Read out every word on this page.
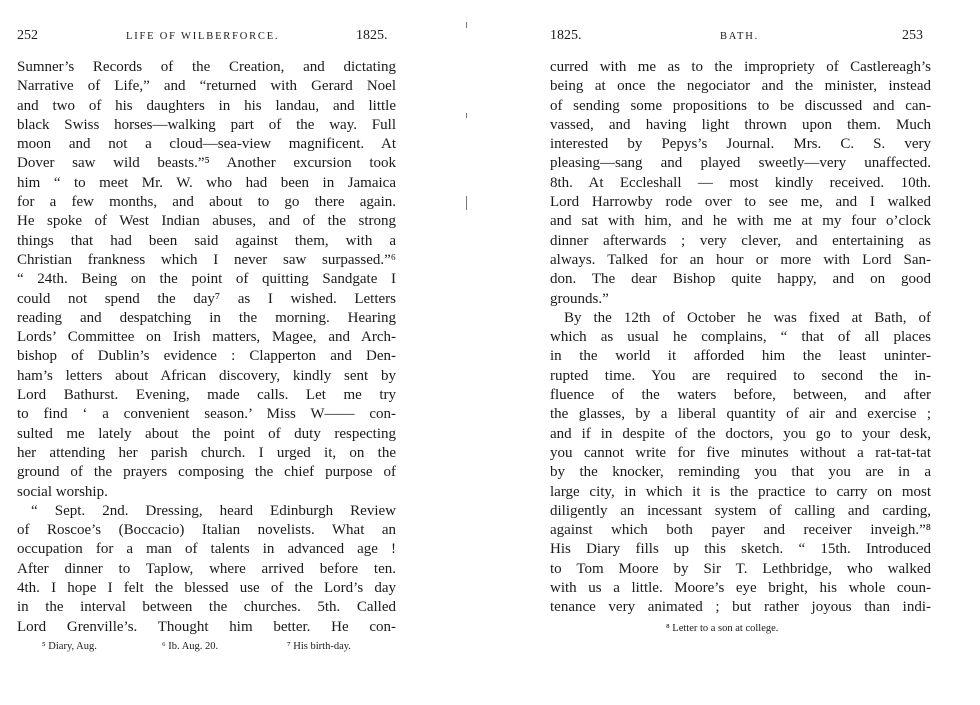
252	LIFE OF WILBERFORCE.	1825.
Sumner’s Records of the Creation, and dictating
Narrative of Life,” and “returned with Gerard Noel
and two of his daughters in his landau, and little
black Swiss horses—walking part of the way. Full
moon and not a cloud—sea-view magnificent. At
Dover saw wild beasts.”⁵ Another excursion took
him “ to meet Mr. W. who had been in Jamaica
for a few months, and about to go there again.
He spoke of West Indian abuses, and of the strong
things that had been said against them, with a
Christian frankness which I never saw surpassed.”⁶
“ 24th. Being on the point of quitting Sandgate I
could not spend the day⁷ as I wished. Letters
reading and despatching in the morning. Hearing
Lords’ Committee on Irish matters, Magee, and Arch-
bishop of Dublin’s evidence : Clapperton and Den-
ham’s letters about African discovery, kindly sent by
Lord Bathurst. Evening, made calls. Let me try
to find ‘ a convenient season.’ Miss W—— con-
sulted me lately about the point of duty respecting
her attending her parish church. I urged it, on the
ground of the prayers composing the chief purpose of
social worship.
“ Sept. 2nd. Dressing, heard Edinburgh Review
of Roscoe’s (Boccacio) Italian novelists. What an
occupation for a man of talents in advanced age !
After dinner to Taplow, where arrived before ten.
4th. I hope I felt the blessed use of the Lord’s day
in the interval between the churches. 5th. Called
Lord Grenville’s. Thought him better. He con-
⁵ Diary, Aug.	⁶ Ib. Aug. 20.	⁷ His birth-day.
1825.	BATH.	253
curred with me as to the impropriety of Castlereagh’s
being at once the negociator and the minister, instead
of sending some propositions to be discussed and can-
vassed, and having light thrown upon them. Much
interested by Pepys’s Journal. Mrs. C. S. very
pleasing—sang and played sweetly—very unaffected.
8th. At Eccleshall — most kindly received. 10th.
Lord Harrowby rode over to see me, and I walked
and sat with him, and he with me at my four o’clock
dinner afterwards ; very clever, and entertaining as
always. Talked for an hour or more with Lord San-
don. The dear Bishop quite happy, and on good
grounds.”
By the 12th of October he was fixed at Bath, of
which as usual he complains, “ that of all places
in the world it afforded him the least uninter-
rupted time. You are required to second the in-
fluence of the waters before, between, and after
the glasses, by a liberal quantity of air and exercise ;
and if in despite of the doctors, you go to your desk,
you cannot write for five minutes without a rat-tat-tat
by the knocker, reminding you that you are in a
large city, in which it is the practice to carry on most
diligently an incessant system of calling and carding,
against which both payer and receiver inveigh.”⁸
His Diary fills up this sketch. “ 15th. Introduced
to Tom Moore by Sir T. Lethbridge, who walked
with us a little. Moore’s eye bright, his whole coun-
tenance very animated ; but rather joyous than indi-
⁸ Letter to a son at college.
